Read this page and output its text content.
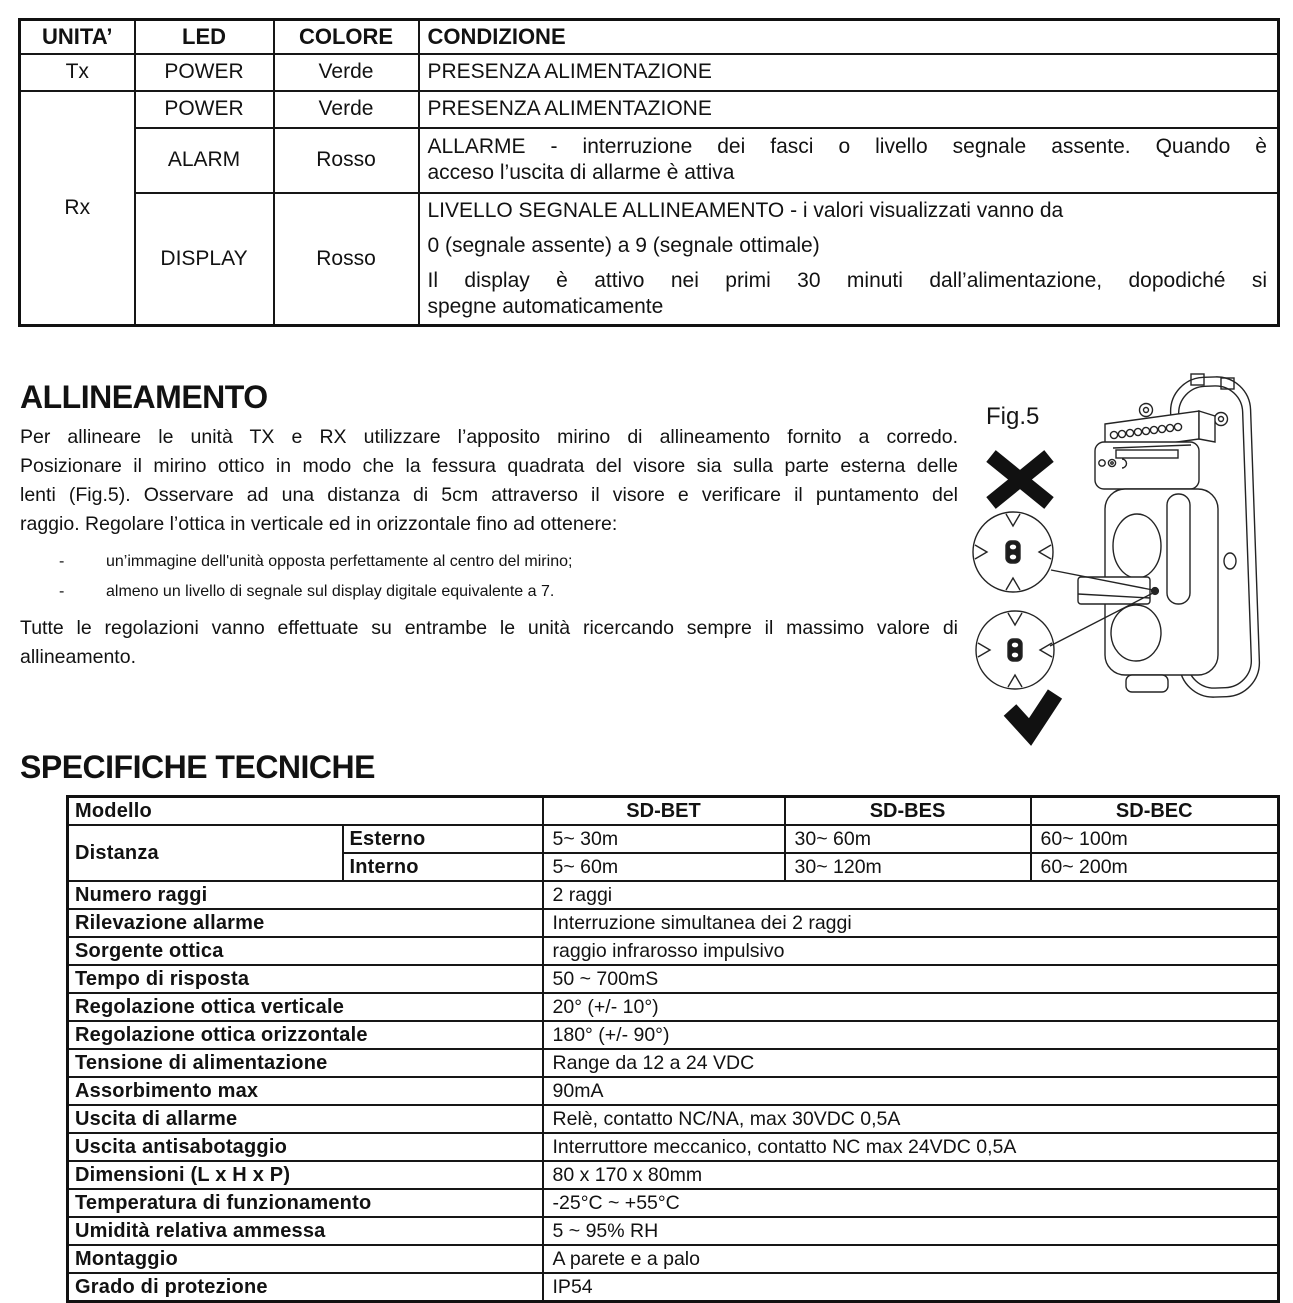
UNITA’	LED	COLORE	CONDIZIONE
Tx	POWER	Verde	PRESENZA ALIMENTAZIONE
Rx	POWER	Verde	PRESENZA ALIMENTAZIONE
	ALARM	Rosso	ALLARME - interruzione dei fasci o livello segnale assente. Quando è

acceso l’uscita di allarme è attiva

	DISPLAY	Rosso	LIVELLO SEGNALE ALLINEAMENTO - i valori visualizzati vanno da

0 (segnale assente) a 9 (segnale ottimale)

Il display è attivo nei primi 30 minuti dall’alimentazione, dopodiché si

spegne automaticamente

ALLINEAMENTO
Per allineare le unità TX e RX utilizzare l’apposito mirino di allineamento fornito a corredo.
Posizionare il mirino ottico in modo che la fessura quadrata del visore sia sulla parte esterna delle
lenti (Fig.5). Osservare ad una distanza di 5cm attraverso il visore e verificare il puntamento del
raggio. Regolare l’ottica in verticale ed in orizzontale fino ad ottenere:
-	un’immagine dell'unità opposta perfettamente al centro del mirino;
-	almeno un livello di segnale sul display digitale equivalente a 7.
Tutte le regolazioni vanno effettuate su entrambe le unità ricercando sempre il massimo valore di
allineamento.
Fig.5
SPECIFICHE TECNICHE
Modello		SD-BET	SD-BES	SD-BEC
Distanza	Esterno	5~ 30m	30~ 60m	60~ 100m
	Interno	5~ 60m	30~ 120m	60~ 200m
Numero raggi		2 raggi		
Rilevazione allarme		Interruzione simultanea dei 2 raggi		
Sorgente ottica		raggio infrarosso impulsivo		
Tempo di risposta		50 ~ 700mS		
Regolazione ottica verticale		20° (+/- 10°)		
Regolazione ottica orizzontale		180° (+/- 90°)		
Tensione di alimentazione		Range da 12 a 24 VDC		
Assorbimento max		90mA		
Uscita di allarme		Relè, contatto NC/NA, max 30VDC 0,5A		
Uscita antisabotaggio		Interruttore meccanico, contatto NC max 24VDC 0,5A		
Dimensioni (L x H x P)		80 x 170 x 80mm		
Temperatura di funzionamento		-25°C ~ +55°C		
Umidità relativa ammessa		5 ~ 95% RH		
Montaggio		A parete e a palo		
Grado di protezione		IP54		
